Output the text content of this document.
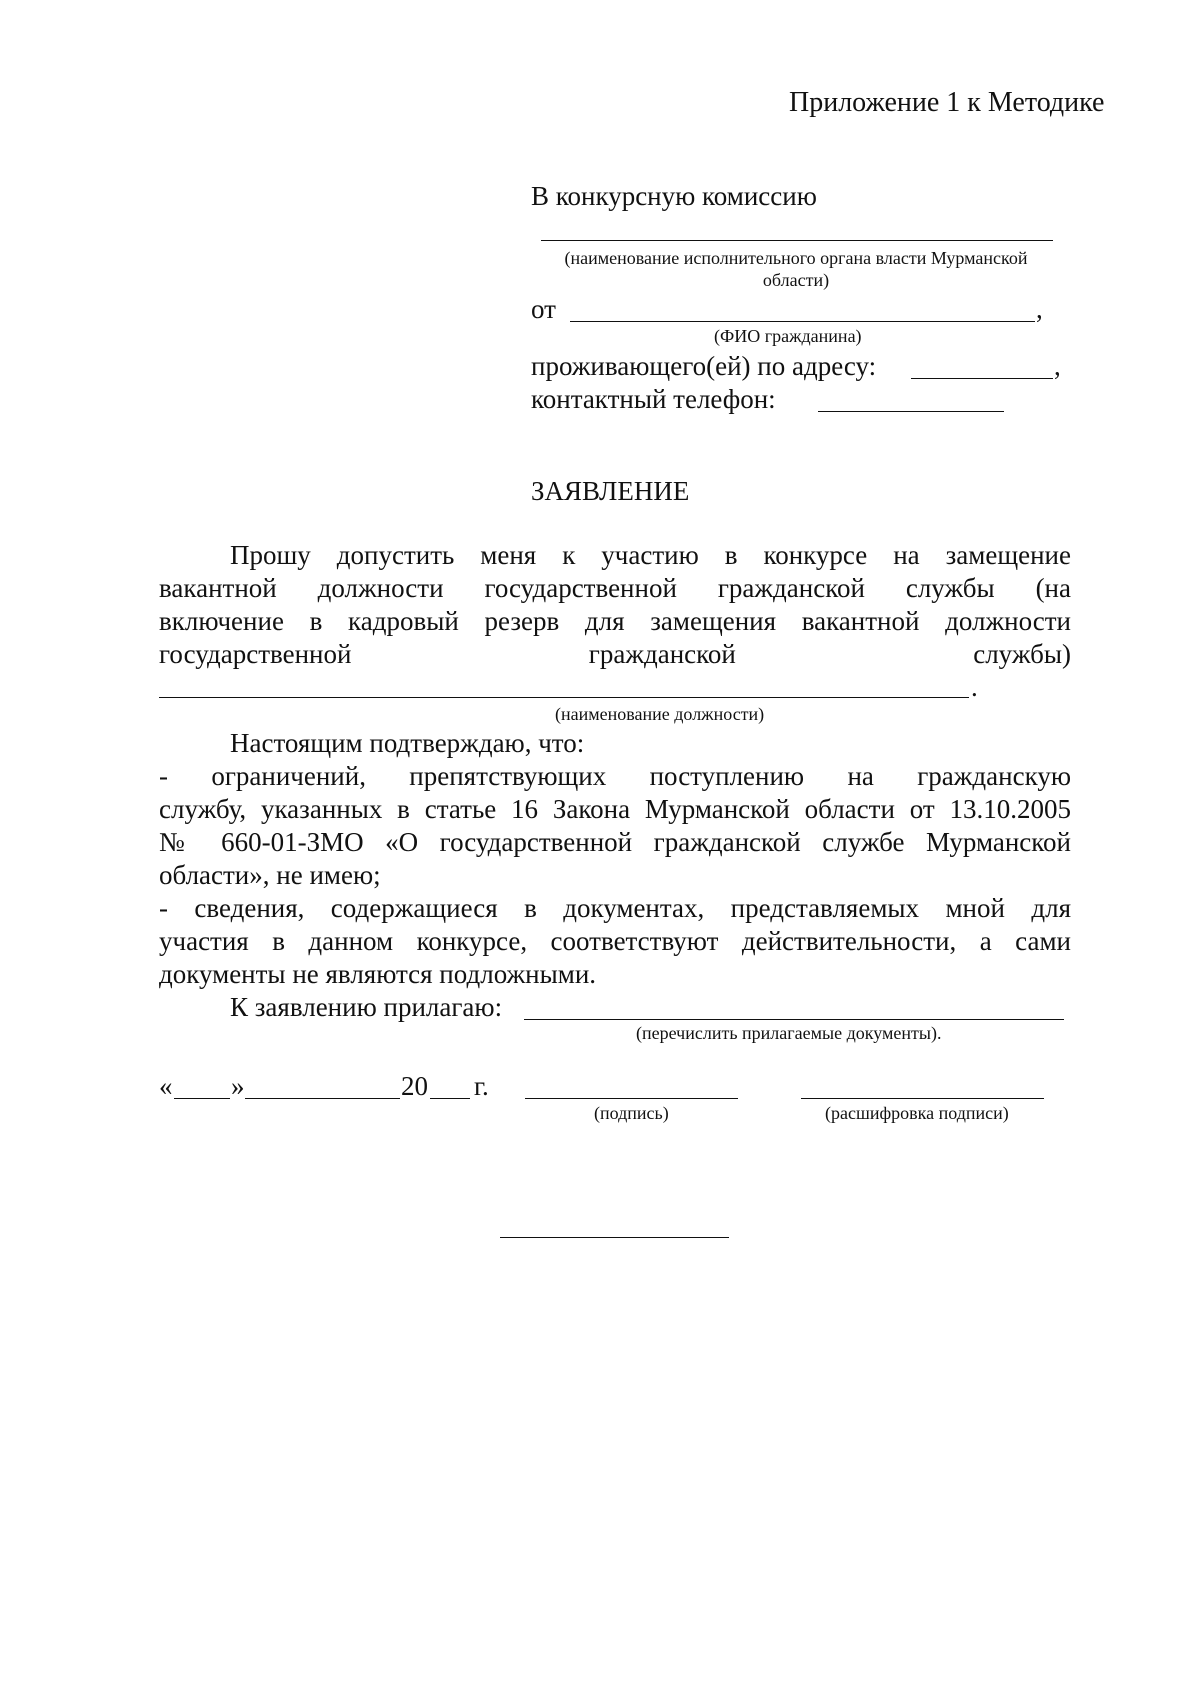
Приложение 1 к Методике
В конкурсную комиссию
(наименование исполнительного органа власти Мурманской
области)
от	,
(ФИО гражданина)
проживающего(ей) по адресу:	,
контактный телефон:
ЗАЯВЛЕНИЕ
Прошу допустить меня к участию в конкурсе на замещение
вакантной должности государственной гражданской службы (на
включение в кадровый резерв для замещения вакантной должности
государственной гражданской службы)
.
(наименование должности)
Настоящим подтверждаю, что:
- ограничений, препятствующих поступлению на гражданскую
службу, указанных в статье 16 Закона Мурманской области от 13.10.2005
№ 660-01-ЗМО «О государственной гражданской службе Мурманской
области», не имею;
- сведения, содержащиеся в документах, представляемых мной для
участия в данном конкурсе, соответствуют действительности, а сами
документы не являются подложными.
К заявлению прилагаю:
(перечислить прилагаемые документы).
« »	20 г.
(подпись)	(расшифровка подписи)
